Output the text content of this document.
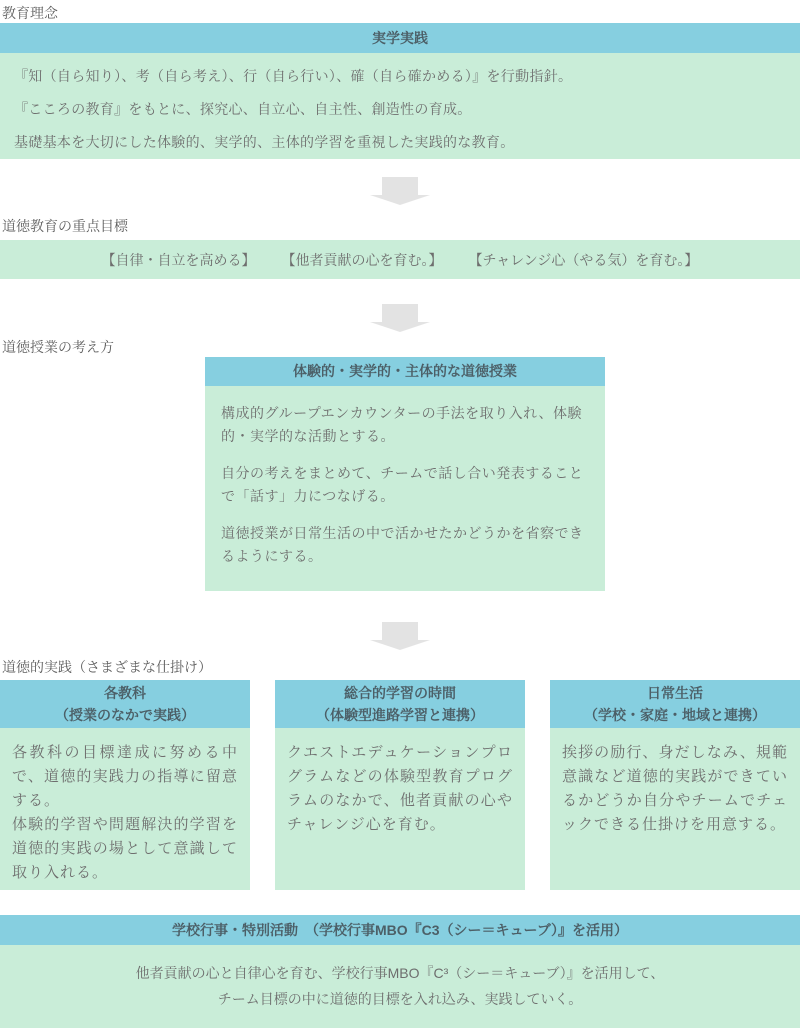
教育理念
実学実践
『知（自ら知り）、考（自ら考え）、行（自ら行い）、確（自ら確かめる）』を行動指針。
『こころの教育』をもとに、探究心、自立心、自主性、創造性の育成。
基礎基本を大切にした体験的、実学的、主体的学習を重視した実践的な教育。
道徳教育の重点目標
【自律・自立を高める】 【他者貢献の心を育む。】 【チャレンジ心（やる気）を育む。】
道徳授業の考え方
体験的・実学的・主体的な道徳授業

構成的グループエンカウンターの手法を取り入れ、体験的・実学的な活動とする。

自分の考えをまとめて、チームで話し合い発表することで「話す」力につなげる。

道徳授業が日常生活の中で活かせたかどうかを省察できるようにする。

道徳的実践（さまざまな仕掛け）
各教科
（授業のなかで実践）

各教科の目標達成に努める中で、道徳的実践力の指導に留意する。

体験的学習や問題解決的学習を道徳的実践の場として意識して取り入れる。

総合的学習の時間
（体験型進路学習と連携）

クエストエデュケーションプログラムなどの体験型教育プログラムのなかで、他者貢献の心やチャレンジ心を育む。

日常生活
（学校・家庭・地域と連携）

挨拶の励行、身だしなみ、規範意識など道徳的実践ができているかどうか自分やチームでチェックできる仕掛けを用意する。

学校行事・特別活動　（学校行事MBO『C3（シー＝キューブ）』を活用）
他者貢献の心と自律心を育む、学校行事MBO『C³（シー＝キューブ）』を活用して、
チーム目標の中に道徳的目標を入れ込み、実践していく。
